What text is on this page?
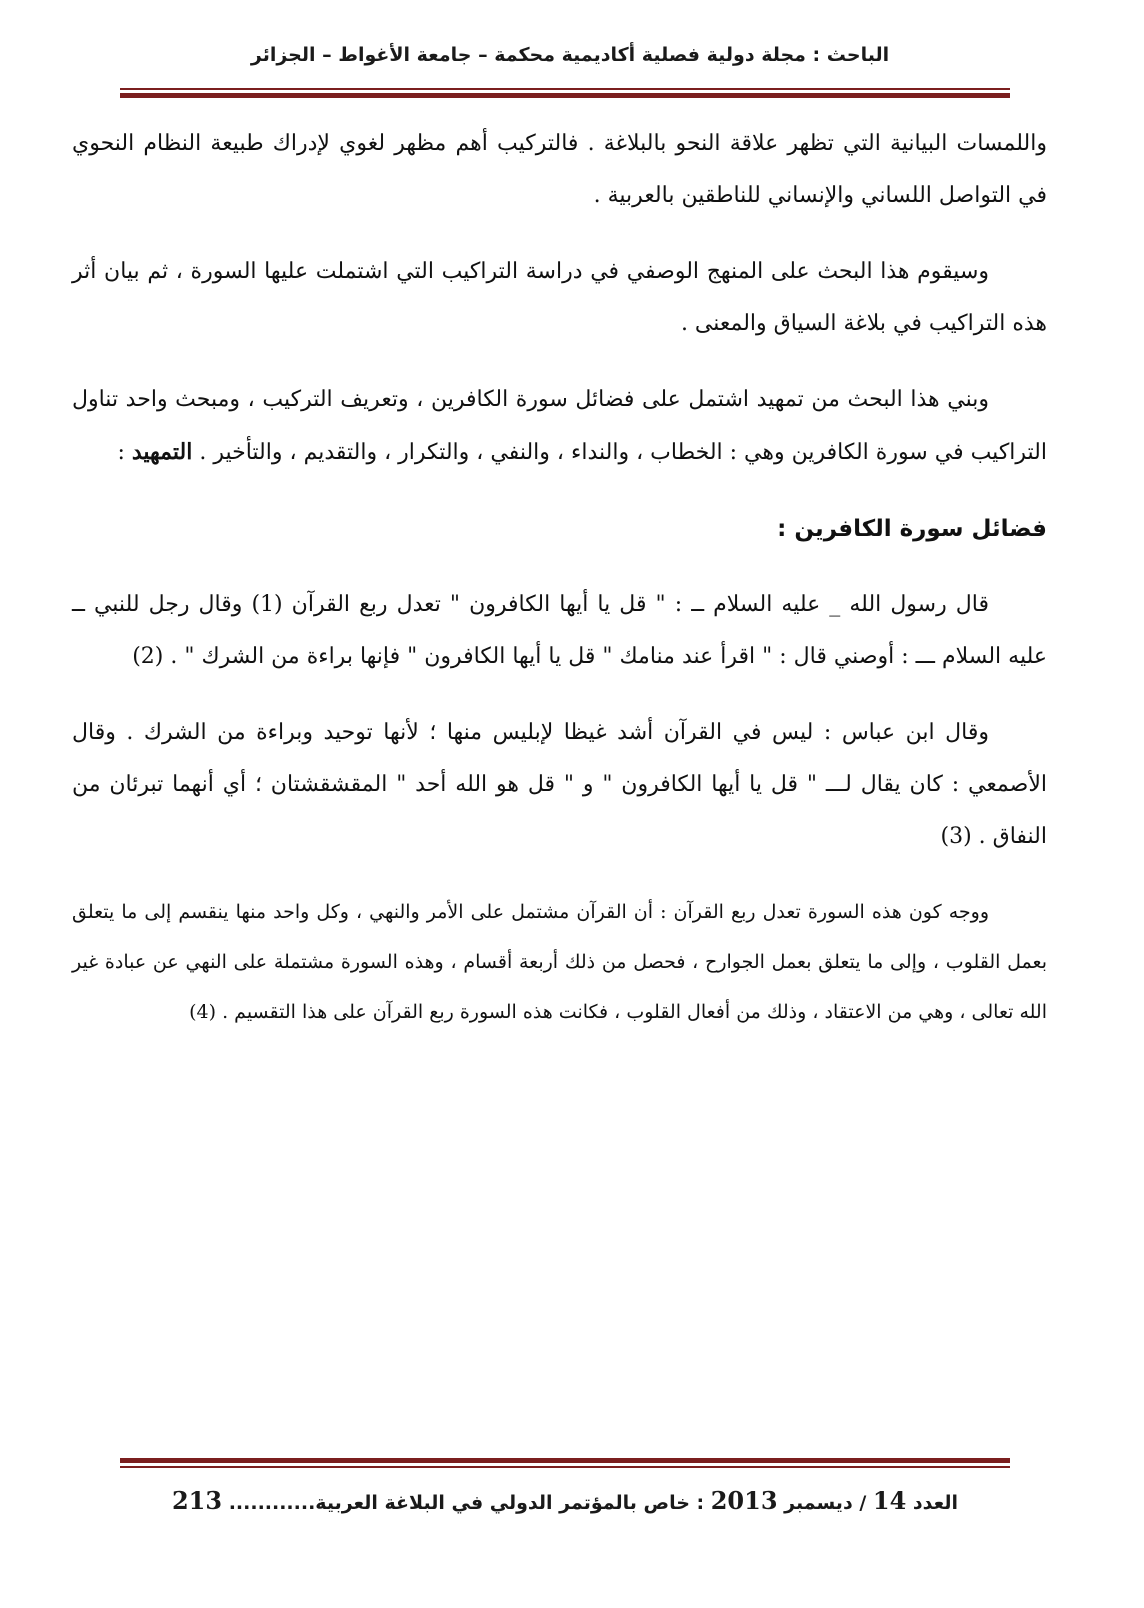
الباحث : مجلة دولية فصلية أكاديمية محكمة – جامعة الأغواط – الجزائر

واللمسات البيانية التي تظهر علاقة النحو بالبلاغة . فالتركيب أهم مظهر لغوي لإدراك طبيعة النظام النحوي في التواصل اللساني والإنساني للناطقين بالعربية .

وسيقوم هذا البحث على المنهج الوصفي في دراسة التراكيب التي اشتملت عليها السورة ، ثم بيان أثر هذه التراكيب في بلاغة السياق والمعنى .

وبني هذا البحث من تمهيد اشتمل على فضائل سورة الكافرين ، وتعريف التركيب ، ومبحث واحد تناول التراكيب في سورة الكافرين وهي : الخطاب ، والنداء ، والنفي ، والتكرار ، والتقديم ، والتأخير . التمهيد :

فضائل سورة الكافرين :

قال رسول الله _ عليه السلام ــ : " قل يا أيها الكافرون " تعدل ربع القرآن (1) وقال رجل للنبي ــ عليه السلام ـــ : أوصني قال : " اقرأ عند منامك " قل يا أيها الكافرون " فإنها براءة من الشرك " . (2)

وقال ابن عباس : ليس في القرآن أشد غيظا لإبليس منها ؛ لأنها توحيد وبراءة من الشرك . وقال الأصمعي : كان يقال لـــ " قل يا أيها الكافرون " و " قل هو الله أحد " المقشقشتان ؛ أي أنهما تبرئان من النفاق . (3)

ووجه كون هذه السورة تعدل ربع القرآن : أن القرآن مشتمل على الأمر والنهي ، وكل واحد منها ينقسم إلى ما يتعلق بعمل القلوب ، وإلى ما يتعلق بعمل الجوارح ، فحصل من ذلك أربعة أقسام ، وهذه السورة مشتملة على النهي عن عبادة غير الله تعالى ، وهي من الاعتقاد ، وذلك من أفعال القلوب ، فكانت هذه السورة ربع القرآن على هذا التقسيم . (4)

العدد 14 / ديسمبر 2013 : خاص بالمؤتمر الدولي في البلاغة العربية............ 213
